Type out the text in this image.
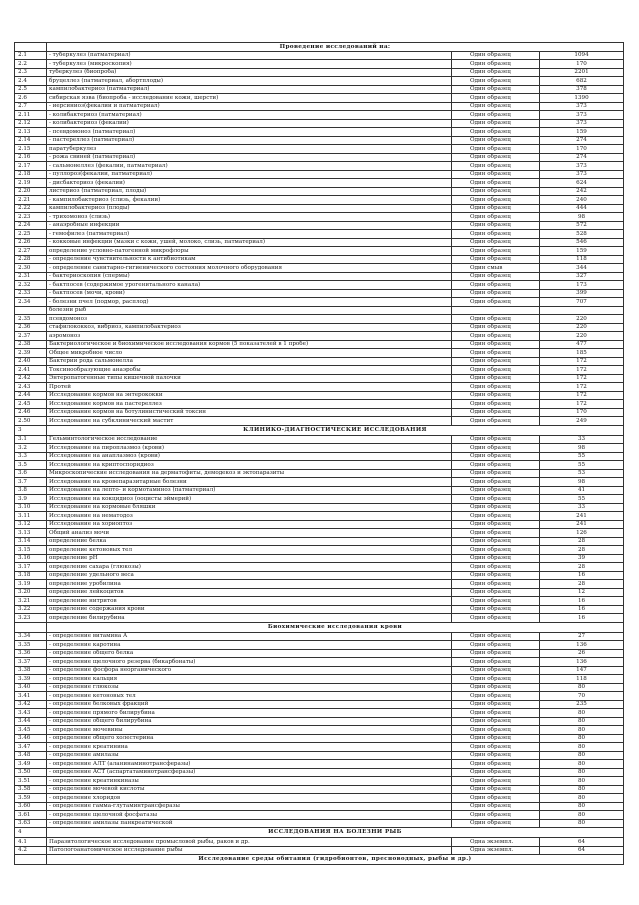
	Проведение исследований на:		
2.1	- туберкулез (патматериал)	Один образец	1094
2.2	- туберкулез (микроскопия)	Один образец	170
2.3	туберкулез (биопроба)	Один образец	2201
2.4	бруцеллез (патматериал, абортплоды)	Один образец	682
2.5	кампилобактериоз (патматериал)	Один образец	378
2.6	сибирская язва (биопроба - исследование кожи, шерсти)	Один образец	1390
2.7	- иерсиниоз(фекалии и патматериал)	Один образец	373
2.11	- колибактериоз (патматериал)	Один образец	373
2.12	- колибактериоз (фекалии)	Один образец	373
2.13	- псевдомоноз (патматериал)	Один образец	159
2.14	- пастереллез (патматериал)	Один образец	274
2.15	паратуберкулез	Один образец	170
2.16	- рожа свиней (патматериал)	Один образец	274
2.17	- сальмонеллез (фекалии, патматериал)	Один образец	373
2.18	- пуллороз(фекалии, патматериал)	Один образец	373
2.19	- дисбактериоз (фекалии)	Один образец	624
2.20	листериоз (патматериал, плоды)	Один образец	242
2.21	- кампилобактериоз (слизь, фекалии)	Один образец	240
2.22	кампилобактериоз (плоды)	Один образец	444
2.23	- трихомоноз (слизь)	Один образец	98
2.24	- анаэробные инфекции	Один образец	572
2.25	- гемофилез (патматериал)	Один образец	528
2.26	- кокковые инфекции (мазки с кожи, ушей, молоко, слизь, патматериал)	Один образец	546
2.27	определение условно-патогенной микрофлоры	Один образец	159
2.28	- определение чувствительности к антибиотикам	Один образец	118
2.30	- определение санитарно-гигиенического состояния молочного оборудования	Один смыв	344
2.31	- бактериоскопия (спермы)	Один образец	327
2.32	- бактпосев (содержимое урогенитального канала)	Один образец	173
2.33	- бактпосев (мочи, крови)	Один образец	399
2.34	- болезни пчел (подмор, расплод)	Один образец	707
	болезни рыб		
2.35	псевдомоноз	Один образец	220
2.36	стафилококкоз, вибриоз, кампилобактериоз	Один образец	220
2.37	аэромоноз	Один образец	220
2.38	Бактериологическое и биохимическое исследования кормов (5 показателей в 1 пробе)	Один образец	477
2.39	Общее микробное число	Один образец	185
2.40	Бактерии рода сальмонелла	Один образец	172
2.41	Токсинообразующие анаэробы	Один образец	172
2.42	Энтеропатогенные типы кишечной палочки	Один образец	172
2.43	Протей	Один образец	172
2.44	Исследование кормов на энтерококки	Один образец	172
2.45	Исследование кормов на пастереллез	Один образец	172
2.46	Исследование кормов на ботулинистический токсин	Один образец	170
2.50	Исследование на субклинический мастит	Один образец	249
3	КЛИНИКО-ДИАГНОСТИЧЕСКИЕ ИССЛЕДОВАНИЯ		
3.1	Гельминтологическое исследование	Один образец	33
3.2	Исследование на пироплазмоз (крови)	Один образец	98
3.3	Исследование на анаплазмоз (крови)	Один образец	55
3.5	Исследование на криптоспоридиоз	Один образец	55
3.6	Микроскопические исследования на дерматофиты, демодекоз и эктопаразиты	Один образец	53
3.7	Исследование на кровепаразитарные болезни	Один образец	98
3.8	Исследование на лепто- и кормотаминоз (патматериал)	Один образец	41
3.9	Исследование на кокцидиоз (ооцисты эймерий)	Один образец	55
3.10	Исследование на кормовые бляшки	Один образец	33
3.11	Исследование на нематодоз	Один образец	241
3.12	Исследование на хориоптоз	Один образец	241
3.13	Общий анализ мочи	Один образец	126
3.14	определение белка	Один образец	28
3.15	определение кетоновых тел	Один образец	28
3.16	определение pH	Один образец	39
3.17	определение сахара (глюкозы)	Один образец	28
3.18	определение удельного веса	Один образец	16
3.19	определение уробилина	Один образец	28
3.20	определение лейкоцитов	Один образец	12
3.21	определение нитритов	Один образец	16
3.22	определение содержания крови	Один образец	16
3.23	определение билирубина	Один образец	16
	Биохимические исследования крови		
3.34	- определение витамина А	Один образец	27
3.35	- определение каротина	Один образец	136
3.36	- определение общего белка	Один образец	26
3.37	- определение щелочного резерва (бикарбонаты)	Один образец	136
3.38	- определение фосфора неорганического	Один образец	147
3.39	- определение кальция	Один образец	118
3.40	- определение глюкозы	Один образец	80
3.41	- определение кетоновых тел	Один образец	70
3.42	- определение белковых фракций	Один образец	235
3.43	- определение прямого билирубина	Один образец	80
3.44	- определение общего билирубина	Один образец	80
3.45	- определение мочевины	Один образец	80
3.46	- определение общего холестерина	Один образец	80
3.47	- определение креатинина	Один образец	80
3.48	- определение амилазы	Один образец	80
3.49	- определение АЛТ (аланинаминотрансферазы)	Один образец	80
3.50	- определение АСТ (аспартатаминотрансферазы)	Один образец	80
3.51	- определение креатинкиназы	Один образец	80
3.58	- определение мочевой кислоты	Один образец	80
3.59	- определение хлоридов	Один образец	80
3.60	- определение гамма-глутаминтрансферазы	Один образец	80
3.61	- определение щелочной фосфатазы	Один образец	80
3.63	- определение амилазы панкреатической	Один образец	80
4	ИССЛЕДОВАНИЯ НА БОЛЕЗНИ РЫБ		
4.1	Паразитологическое исследование промысловой рыбы, раков и др.	Одна экземпл.	64
4.2	Патологоанатомическое исследование рыбы	Одна экземпл.	64
	Исследование среды обитания (гидробионтов, пресноводных, рыбы и др.)		
